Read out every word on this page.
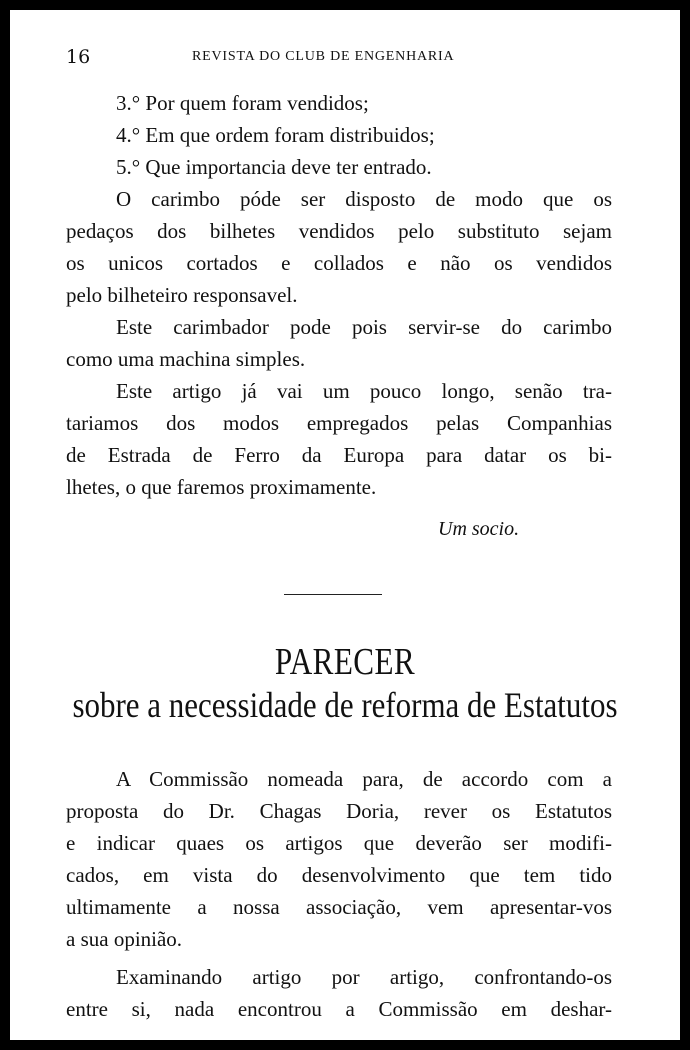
16	REVISTA DO CLUB DE ENGENHARIA
3.° Por quem foram vendidos;
4.° Em que ordem foram distribuidos;
5.° Que importancia deve ter entrado.
O carimbo póde ser disposto de modo que os
pedaços dos bilhetes vendidos pelo substituto sejam
os unicos cortados e collados e não os vendidos
pelo bilheteiro responsavel.
Este carimbador pode pois servir-se do carimbo
como uma machina simples.
Este artigo já vai um pouco longo, senão tra-
tariamos dos modos empregados pelas Companhias
de Estrada de Ferro da Europa para datar os bi-
lhetes, o que faremos proximamente.
Um socio.
PARECER
sobre a necessidade de reforma de Estatutos
A Commissão nomeada para, de accordo com a
proposta do Dr. Chagas Doria, rever os Estatutos
e indicar quaes os artigos que deverão ser modifi-
cados, em vista do desenvolvimento que tem tido
ultimamente a nossa associação, vem apresentar-vos
a sua opinião.
Examinando artigo por artigo, confrontando-os
entre si, nada encontrou a Commissão em deshar-
